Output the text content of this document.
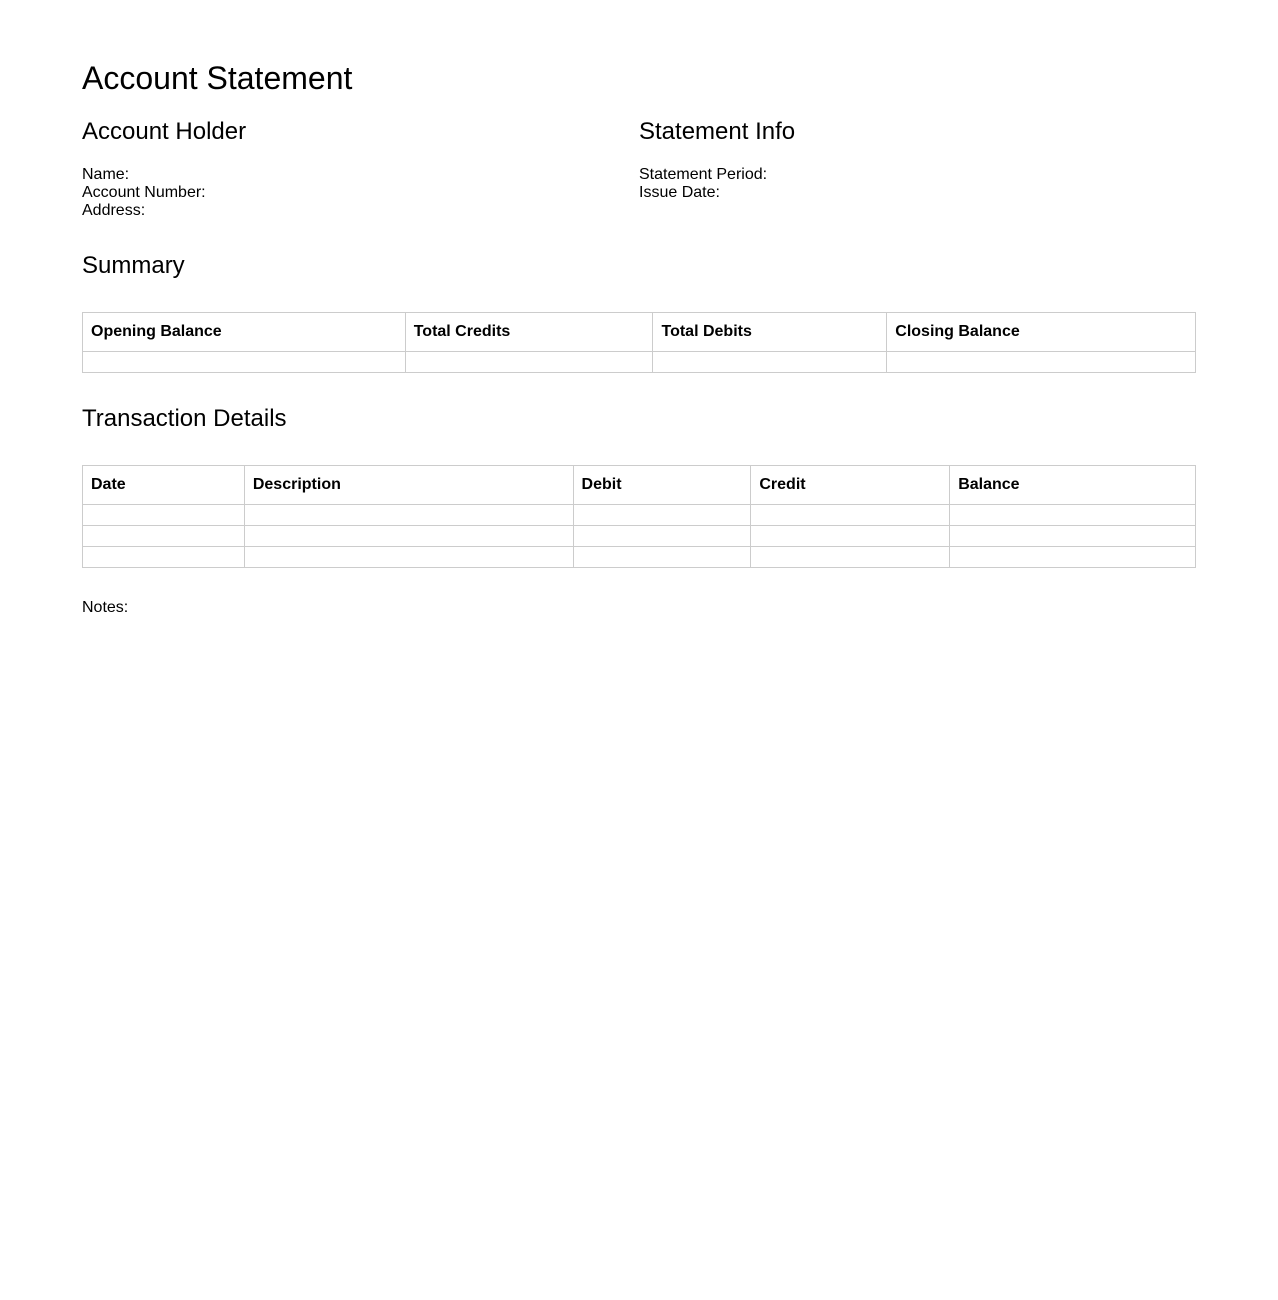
Account Statement
Account Holder
Name:
Account Number:
Address:
Statement Info
Statement Period:
Issue Date:
Summary
Opening Balance	Total Credits	Total Debits	Closing Balance

Transaction Details
Date	Description	Debit	Credit	Balance

Notes:
